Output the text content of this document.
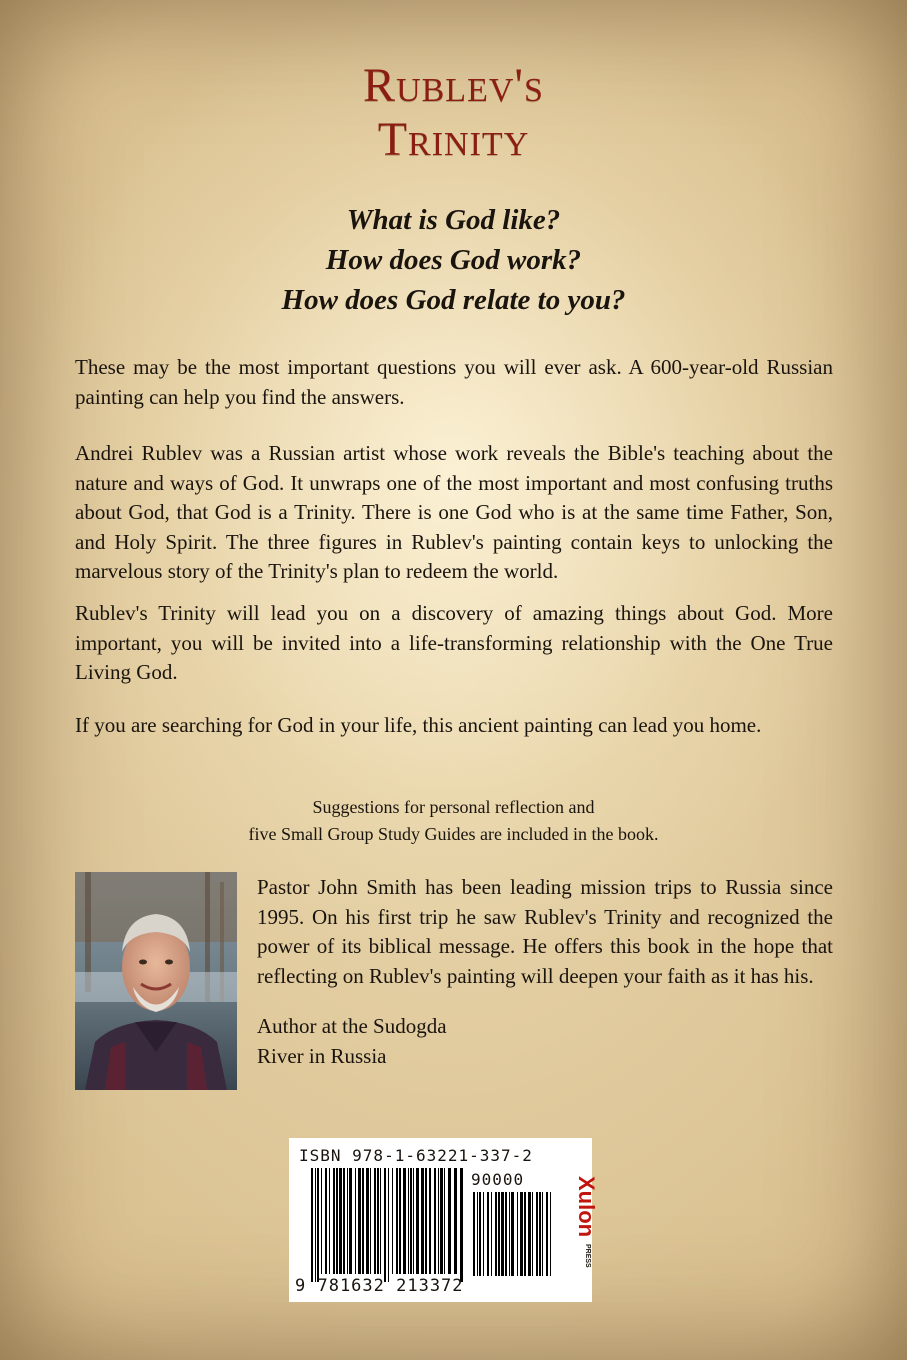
Rublev's
Trinity
What is God like?
How does God work?
How does God relate to you?

These may be the most important questions you will ever ask. A 600-year-old Russian painting can help you find the answers.

Andrei Rublev was a Russian artist whose work reveals the Bible's teaching about the nature and ways of God. It unwraps one of the most important and most confusing truths about God, that God is a Trinity. There is one God who is at the same time Father, Son, and Holy Spirit. The three figures in Rublev's painting contain keys to unlocking the marvelous story of the Trinity's plan to redeem the world.

Rublev's Trinity will lead you on a discovery of amazing things about God. More important, you will be invited into a life-transforming relationship with the One True Living God.

If you are searching for God in your life, this ancient painting can lead you home.

Suggestions for personal reflection and
five Small Group Study Guides are included in the book.
Pastor John Smith has been leading mission trips to Russia since 1995. On his first trip he saw Rublev's Trinity and recognized the power of its biblical message. He offers this book in the hope that reflecting on Rublev's painting will deepen your faith as it has his.
Author at the Sudogda
River in Russia
ISBN 978-1-63221-337-2
90000
9 781632 213372
Xulon
PRESS
